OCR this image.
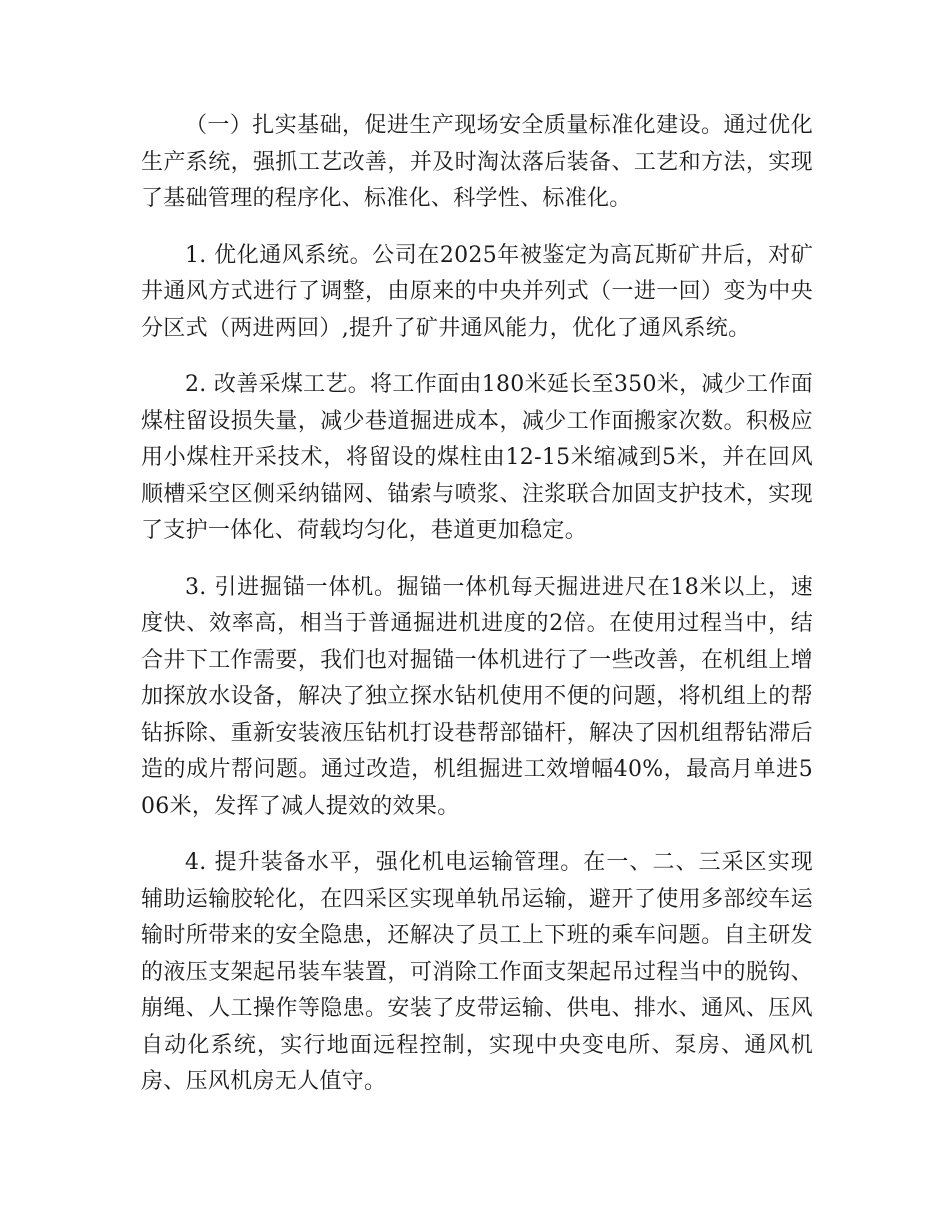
（一）扎实基础，促进生产现场安全质量标准化建设。通过优化生产系统，强抓工艺改善，并及时淘汰落后装备、工艺和方法，实现了基础管理的程序化、标准化、科学性、标准化。

1. 优化通风系统。公司在2025年被鉴定为高瓦斯矿井后，对矿井通风方式进行了调整，由原来的中央并列式（一进一回）变为中央分区式（两进两回）,提升了矿井通风能力，优化了通风系统。

2. 改善采煤工艺。将工作面由180米延长至350米，减少工作面煤柱留设损失量，减少巷道掘进成本，减少工作面搬家次数。积极应用小煤柱开采技术，将留设的煤柱由12-15米缩减到5米，并在回风顺槽采空区侧采纳锚网、锚索与喷浆、注浆联合加固支护技术，实现了支护一体化、荷载均匀化，巷道更加稳定。

3. 引进掘锚一体机。掘锚一体机每天掘进进尺在18米以上，速度快、效率高，相当于普通掘进机进度的2倍。在使用过程当中，结合井下工作需要，我们也对掘锚一体机进行了一些改善，在机组上增加探放水设备，解决了独立探水钻机使用不便的问题，将机组上的帮钻拆除、重新安装液压钻机打设巷帮部锚杆，解决了因机组帮钻滞后造的成片帮问题。通过改造，机组掘进工效增幅40%，最高月单进506米，发挥了减人提效的效果。

4. 提升装备水平，强化机电运输管理。在一、二、三采区实现辅助运输胶轮化，在四采区实现单轨吊运输，避开了使用多部绞车运输时所带来的安全隐患，还解决了员工上下班的乘车问题。自主研发的液压支架起吊装车装置，可消除工作面支架起吊过程当中的脱钩、崩绳、人工操作等隐患。安装了皮带运输、供电、排水、通风、压风自动化系统，实行地面远程控制，实现中央变电所、泵房、通风机房、压风机房无人值守。
